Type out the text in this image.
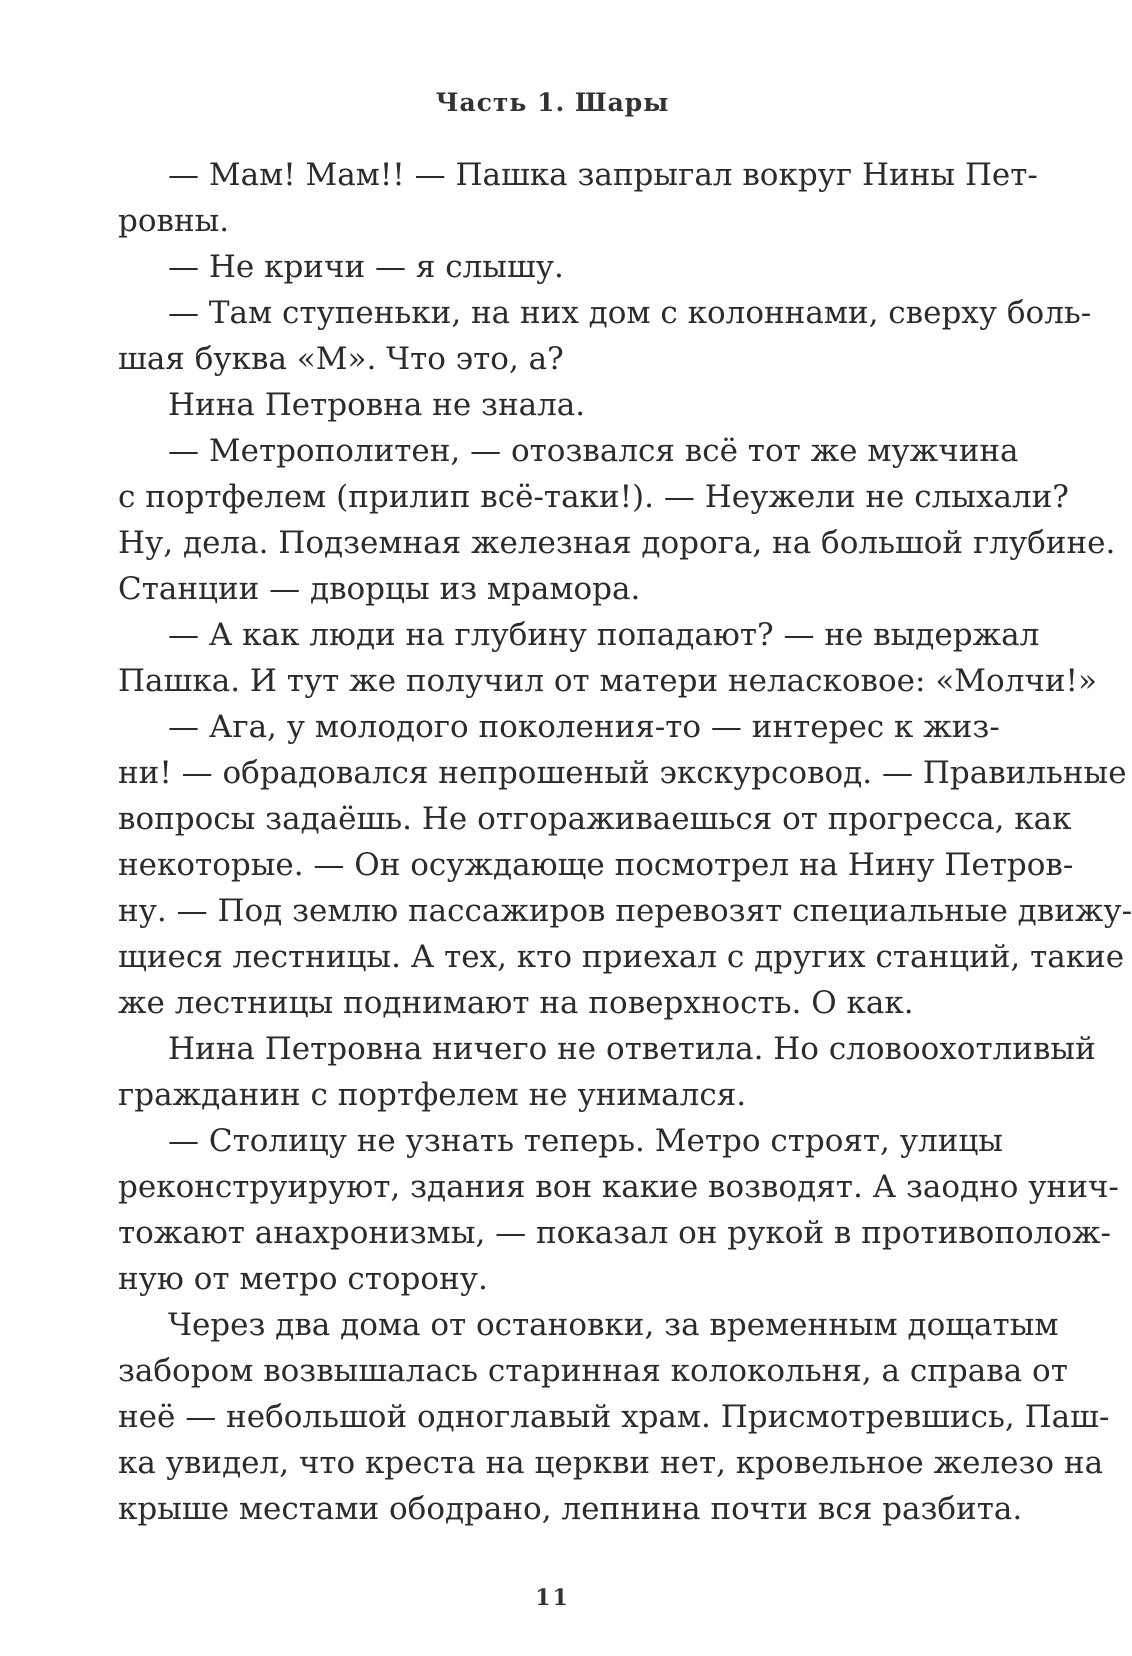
Часть 1. Шары
— Мам! Мам!! — Пашка запрыгал вокруг Нины Пет-
ровны.
— Не кричи — я слышу.
— Там ступеньки, на них дом с колоннами, сверху боль-
шая буква «М». Что это, а?
Нина Петровна не знала.
— Метрополитен, — отозвался всё тот же мужчина
с портфелем (прилип всё-таки!). — Неужели не слыхали?
Ну, дела. Подземная железная дорога, на большой глубине.
Станции — дворцы из мрамора.
— А как люди на глубину попадают? — не выдержал
Пашка. И тут же получил от матери неласковое: «Молчи!»
— Ага, у молодого поколения-то — интерес к жиз-
ни! — обрадовался непрошеный экскурсовод. — Правильные
вопросы задаёшь. Не отгораживаешься от прогресса, как
некоторые. — Он осуждающе посмотрел на Нину Петров-
ну. — Под землю пассажиров перевозят специальные движу-
щиеся лестницы. А тех, кто приехал с других станций, такие
же лестницы поднимают на поверхность. О как.
Нина Петровна ничего не ответила. Но словоохотливый
гражданин с портфелем не унимался.
— Столицу не узнать теперь. Метро строят, улицы
реконструируют, здания вон какие возводят. А заодно унич-
тожают анахронизмы, — показал он рукой в противополож-
ную от метро сторону.
Через два дома от остановки, за временным дощатым
забором возвышалась старинная колокольня, а справа от
неё — небольшой одноглавый храм. Присмотревшись, Паш-
ка увидел, что креста на церкви нет, кровельное железо на
крыше местами ободрано, лепнина почти вся разбита.
11
